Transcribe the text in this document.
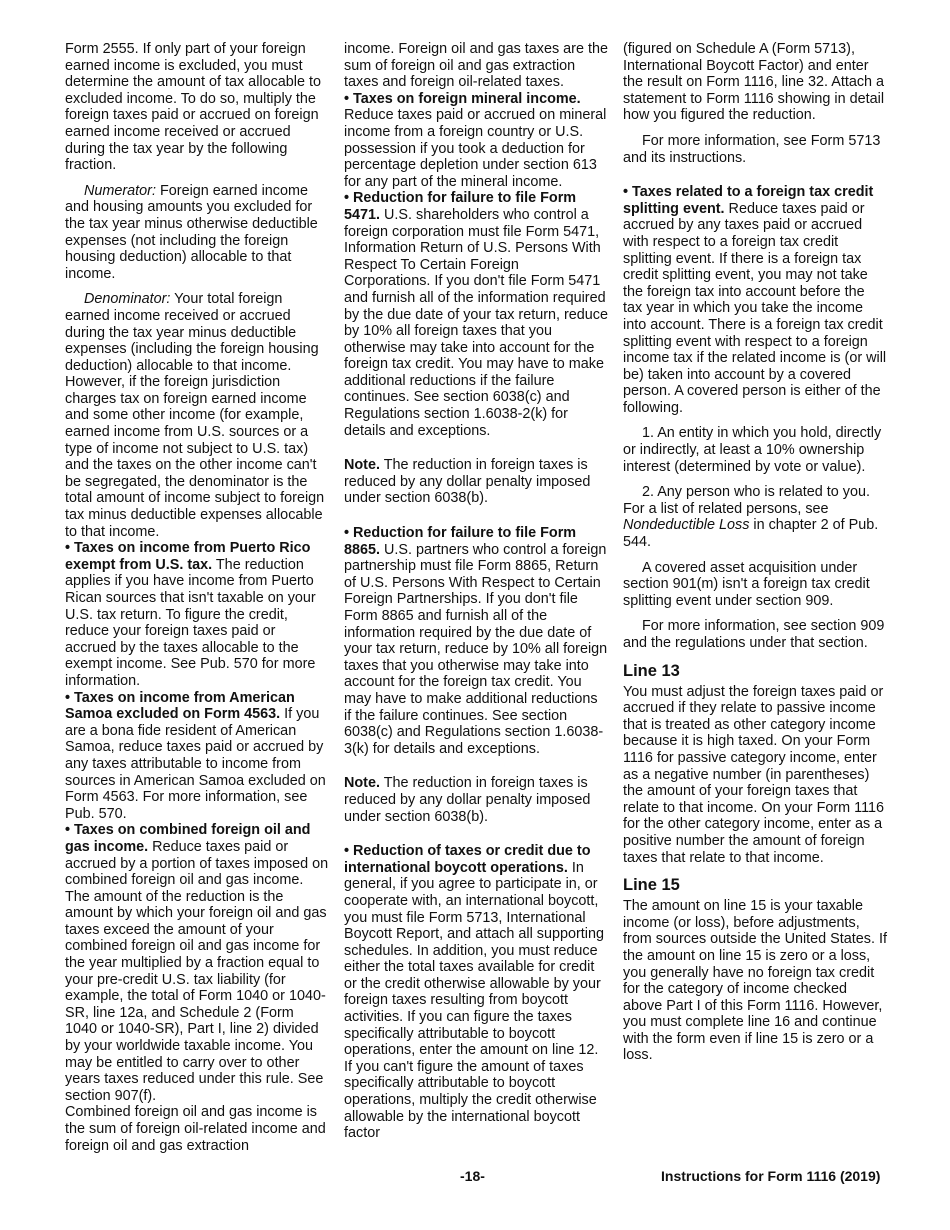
Form 2555. If only part of your foreign earned income is excluded, you must determine the amount of tax allocable to excluded income. To do so, multiply the foreign taxes paid or accrued on foreign earned income received or accrued during the tax year by the following fraction.

Numerator: Foreign earned income and housing amounts you excluded for the tax year minus otherwise deductible expenses (not including the foreign housing deduction) allocable to that income.

Denominator: Your total foreign earned income received or accrued during the tax year minus deductible expenses (including the foreign housing deduction) allocable to that income. However, if the foreign jurisdiction charges tax on foreign earned income and some other income (for example, earned income from U.S. sources or a type of income not subject to U.S. tax) and the taxes on the other income can't be segregated, the denominator is the total amount of income subject to foreign tax minus deductible expenses allocable to that income.

• Taxes on income from Puerto Rico exempt from U.S. tax. The reduction applies if you have income from Puerto Rican sources that isn't taxable on your U.S. tax return. To figure the credit, reduce your foreign taxes paid or accrued by the taxes allocable to the exempt income. See Pub. 570 for more information.

• Taxes on income from American Samoa excluded on Form 4563. If you are a bona fide resident of American Samoa, reduce taxes paid or accrued by any taxes attributable to income from sources in American Samoa excluded on Form 4563. For more information, see Pub. 570.

• Taxes on combined foreign oil and gas income. Reduce taxes paid or accrued by a portion of taxes imposed on combined foreign oil and gas income. The amount of the reduction is the amount by which your foreign oil and gas taxes exceed the amount of your combined foreign oil and gas income for the year multiplied by a fraction equal to your pre-credit U.S. tax liability (for example, the total of Form 1040 or 1040-SR, line 12a, and Schedule 2 (Form 1040 or 1040-SR), Part I, line 2) divided by your worldwide taxable income. You may be entitled to carry over to other years taxes reduced under this rule. See section 907(f).

Combined foreign oil and gas income is the sum of foreign oil-related income and foreign oil and gas extraction

income. Foreign oil and gas taxes are the sum of foreign oil and gas extraction taxes and foreign oil-related taxes.

• Taxes on foreign mineral income. Reduce taxes paid or accrued on mineral income from a foreign country or U.S. possession if you took a deduction for percentage depletion under section 613 for any part of the mineral income.

• Reduction for failure to file Form 5471. U.S. shareholders who control a foreign corporation must file Form 5471, Information Return of U.S. Persons With Respect To Certain Foreign Corporations. If you don't file Form 5471 and furnish all of the information required by the due date of your tax return, reduce by 10% all foreign taxes that you otherwise may take into account for the foreign tax credit. You may have to make additional reductions if the failure continues. See section 6038(c) and Regulations section 1.6038-2(k) for details and exceptions.

Note. The reduction in foreign taxes is reduced by any dollar penalty imposed under section 6038(b).

• Reduction for failure to file Form 8865. U.S. partners who control a foreign partnership must file Form 8865, Return of U.S. Persons With Respect to Certain Foreign Partnerships. If you don't file Form 8865 and furnish all of the information required by the due date of your tax return, reduce by 10% all foreign taxes that you otherwise may take into account for the foreign tax credit. You may have to make additional reductions if the failure continues. See section 6038(c) and Regulations section 1.6038-3(k) for details and exceptions.

Note. The reduction in foreign taxes is reduced by any dollar penalty imposed under section 6038(b).

• Reduction of taxes or credit due to international boycott operations. In general, if you agree to participate in, or cooperate with, an international boycott, you must file Form 5713, International Boycott Report, and attach all supporting schedules. In addition, you must reduce either the total taxes available for credit or the credit otherwise allowable by your foreign taxes resulting from boycott activities. If you can figure the taxes specifically attributable to boycott operations, enter the amount on line 12. If you can't figure the amount of taxes specifically attributable to boycott operations, multiply the credit otherwise allowable by the international boycott factor

(figured on Schedule A (Form 5713), International Boycott Factor) and enter the result on Form 1116, line 32. Attach a statement to Form 1116 showing in detail how you figured the reduction.

For more information, see Form 5713 and its instructions.

• Taxes related to a foreign tax credit splitting event. Reduce taxes paid or accrued by any taxes paid or accrued with respect to a foreign tax credit splitting event. If there is a foreign tax credit splitting event, you may not take the foreign tax into account before the tax year in which you take the income into account. There is a foreign tax credit splitting event with respect to a foreign income tax if the related income is (or will be) taken into account by a covered person. A covered person is either of the following.

1. An entity in which you hold, directly or indirectly, at least a 10% ownership interest (determined by vote or value).

2. Any person who is related to you. For a list of related persons, see Nondeductible Loss in chapter 2 of Pub. 544.

A covered asset acquisition under section 901(m) isn't a foreign tax credit splitting event under section 909.

For more information, see section 909 and the regulations under that section.

Line 13

You must adjust the foreign taxes paid or accrued if they relate to passive income that is treated as other category income because it is high taxed. On your Form 1116 for passive category income, enter as a negative number (in parentheses) the amount of your foreign taxes that relate to that income. On your Form 1116 for the other category income, enter as a positive number the amount of foreign taxes that relate to that income.

Line 15

The amount on line 15 is your taxable income (or loss), before adjustments, from sources outside the United States. If the amount on line 15 is zero or a loss, you generally have no foreign tax credit for the category of income checked above Part I of this Form 1116. However, you must complete line 16 and continue with the form even if line 15 is zero or a loss.

-18-	Instructions for Form 1116 (2019)
